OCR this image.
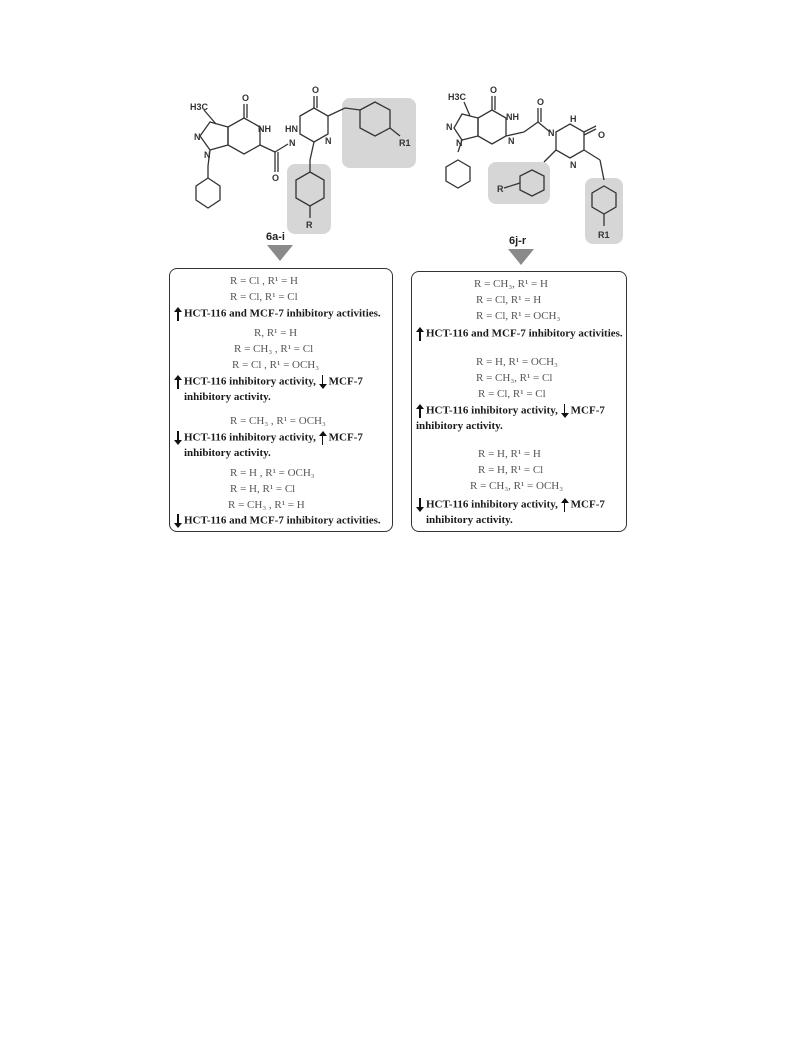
H3C
O
NH
N
N
O
HN
N
O
N
R
R1
6a-i
H3C
O
NH
N
N	N
O
H
N	O
N
R
R1
6j-r
R = Cl , R¹ = H
R = Cl, R¹ = Cl
HCT-116 and MCF-7 inhibitory activities.
R, R¹ = H
R = CH₃ , R¹ = Cl
R = Cl , R¹ = OCH₃
HCT-116 inhibitory activity, MCF-7
inhibitory activity.
R = CH₃ , R¹ = OCH₃
HCT-116 inhibitory activity, MCF-7
inhibitory activity.
R = H , R¹ = OCH₃
R = H, R¹ = Cl
R = CH₃ , R¹ = H
HCT-116 and MCF-7 inhibitory activities.
R = CH₃, R¹ = H
R = Cl, R¹ = H
R = Cl, R¹ = OCH₃
HCT-116 and MCF-7 inhibitory activities.
R = H, R¹ = OCH₃
R = CH₃, R¹ = Cl
R = Cl, R¹ = Cl
HCT-116 inhibitory activity, MCF-7
inhibitory activity.
R = H, R¹ = H
R = H, R¹ = Cl
R = CH₃, R¹ = OCH₃
HCT-116 inhibitory activity, MCF-7
inhibitory activity.
